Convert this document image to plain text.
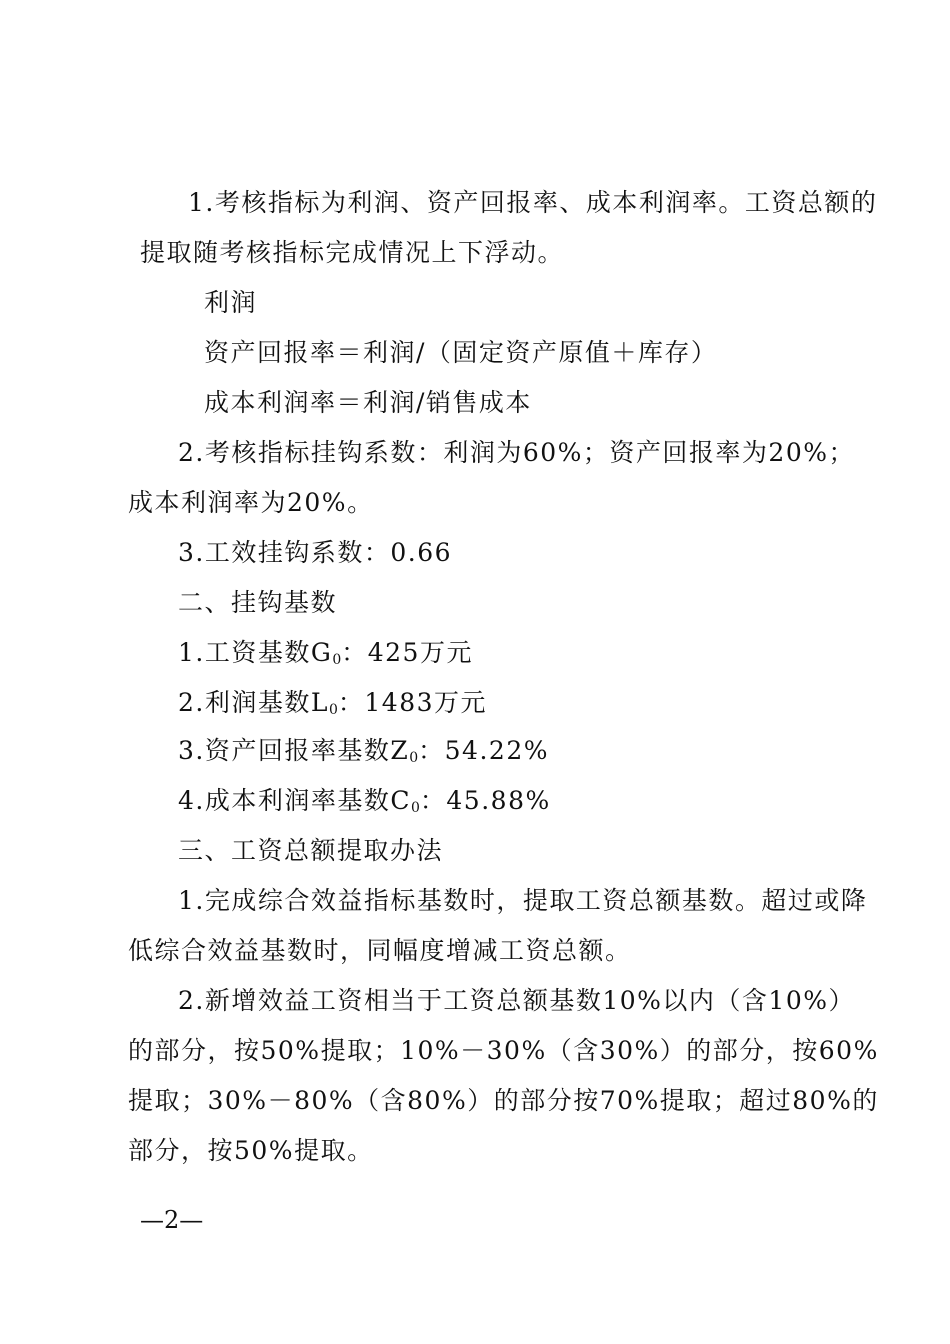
1.考核指标为利润、资产回报率、成本利润率。工资总额的
提取随考核指标完成情况上下浮动。
利润
资产回报率＝利润/（固定资产原值＋库存）
成本利润率＝利润/销售成本
2.考核指标挂钩系数：利润为60%；资产回报率为20%；
成本利润率为20%。
3.工效挂钩系数：0.66
二、挂钩基数
1.工资基数$G_0$：425万元
2.利润基数$L_0$：1483万元
3.资产回报率基数$Z_0$：54.22%
4.成本利润率基数$C_0$：45.88%
三、工资总额提取办法
1.完成综合效益指标基数时，提取工资总额基数。超过或降
低综合效益基数时，同幅度增减工资总额。
2.新增效益工资相当于工资总额基数10%以内（含10%）
的部分，按50%提取；10%－30%（含30%）的部分，按60%
提取；30%－80%（含80%）的部分按70%提取；超过80%的
部分，按50%提取。
—2—
